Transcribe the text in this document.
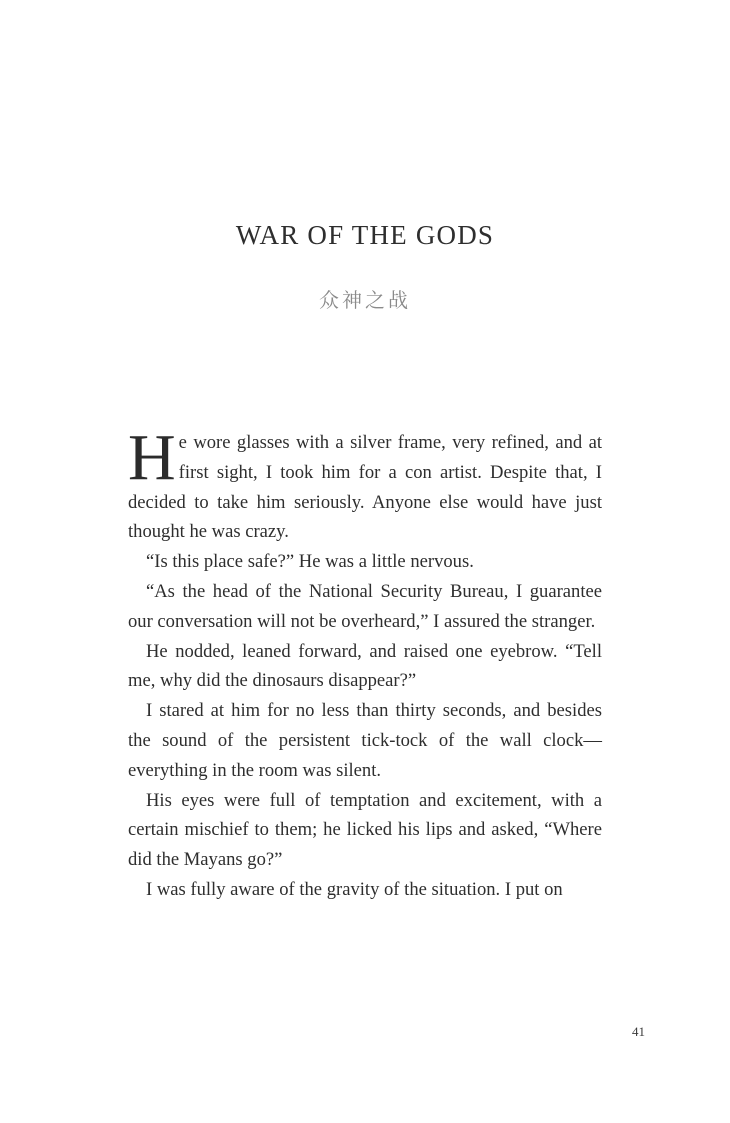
WAR OF THE GODS
众神之战

He wore glasses with a silver frame, very refined, and at first sight, I took him for a con artist. Despite that, I decided to take him seriously. Anyone else would have just thought he was crazy.

“Is this place safe?” He was a little nervous.

“As the head of the National Security Bureau, I guarantee our conversation will not be overheard,” I assured the stranger.

He nodded, leaned forward, and raised one eyebrow. “Tell me, why did the dinosaurs disappear?”

I stared at him for no less than thirty seconds, and besides the sound of the persistent tick-tock of the wall clock—everything in the room was silent.

His eyes were full of temptation and excitement, with a certain mischief to them; he licked his lips and asked, “Where did the Mayans go?”

I was fully aware of the gravity of the situation. I put on

41
